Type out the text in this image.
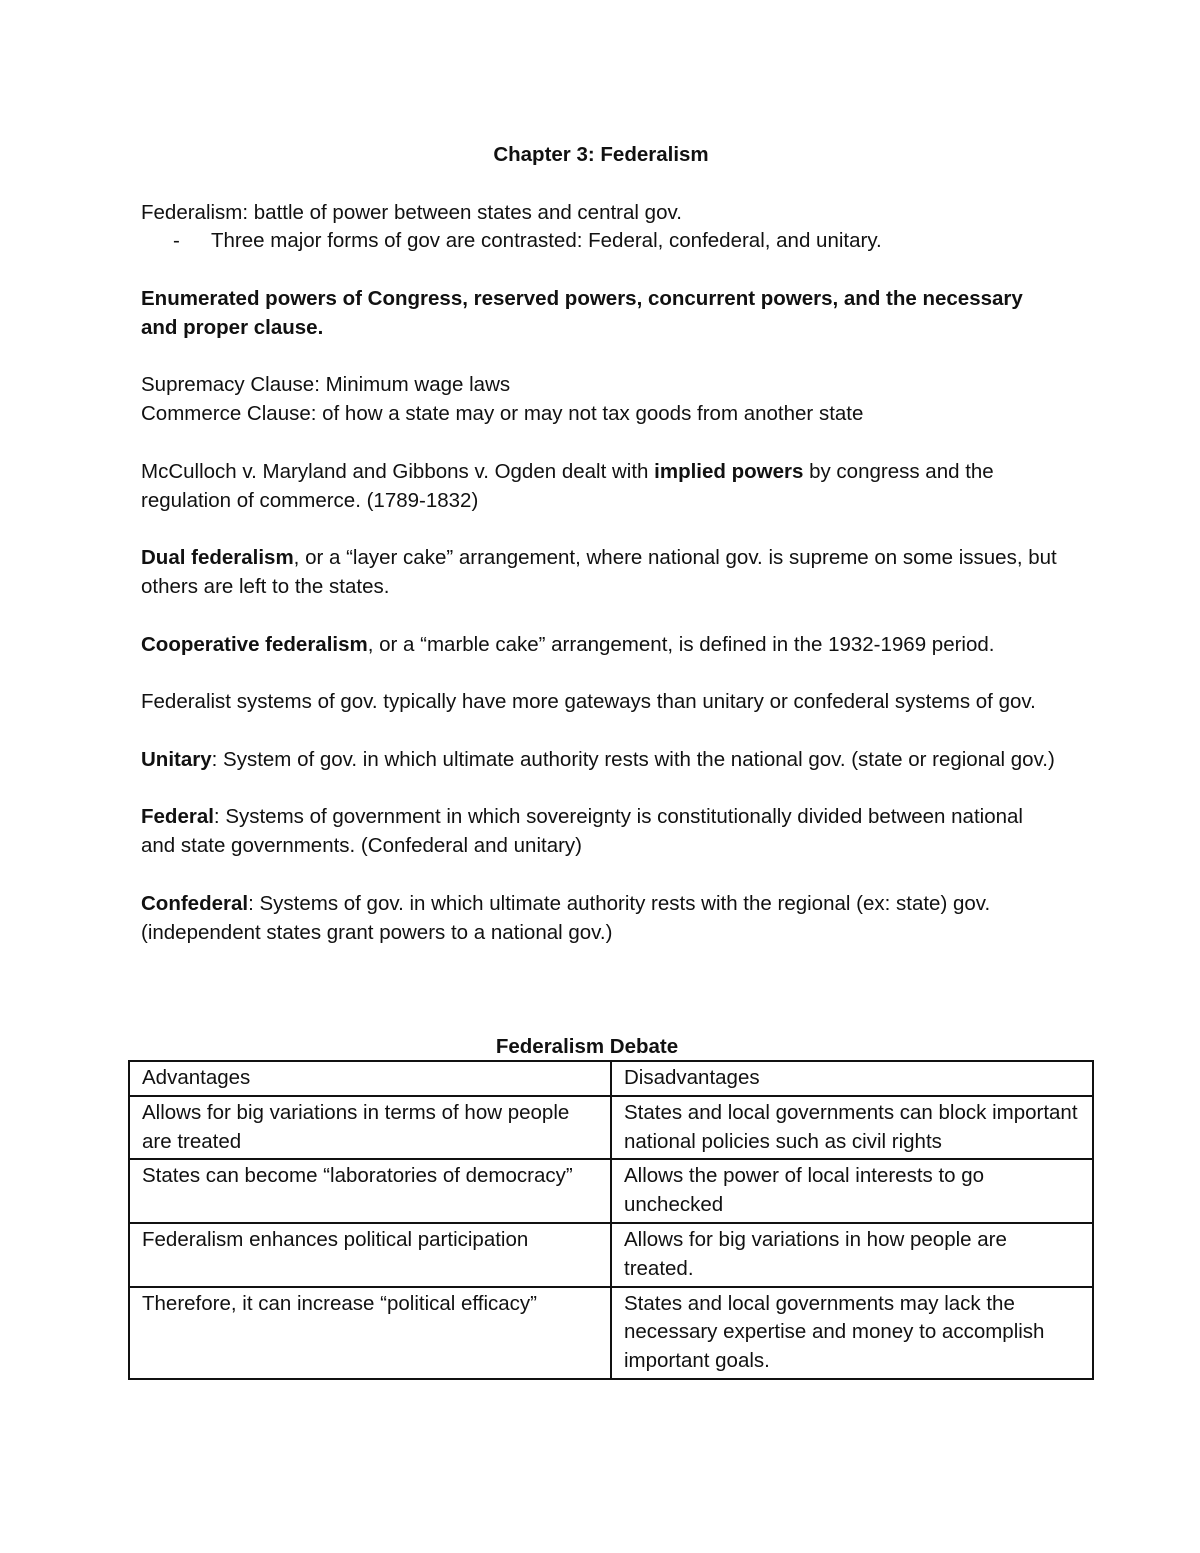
Chapter 3: Federalism

Federalism: battle of power between states and central gov.

- Three major forms of gov are contrasted: Federal, confederal, and unitary.

Enumerated powers of Congress, reserved powers, concurrent powers, and the necessary and proper clause.

Supremacy Clause: Minimum wage laws

Commerce Clause: of how a state may or may not tax goods from another state

McCulloch v. Maryland and Gibbons v. Ogden dealt with implied powers by congress and the regulation of commerce. (1789-1832)

Dual federalism, or a “layer cake” arrangement, where national gov. is supreme on some issues, but others are left to the states.

Cooperative federalism, or a “marble cake” arrangement, is defined in the 1932-1969 period.

Federalist systems of gov. typically have more gateways than unitary or confederal systems of gov.

Unitary: System of gov. in which ultimate authority rests with the national gov. (state or regional gov.)

Federal: Systems of government in which sovereignty is constitutionally divided between national and state governments. (Confederal and unitary)

Confederal: Systems of gov. in which ultimate authority rests with the regional (ex: state) gov. (independent states grant powers to a national gov.)

Federalism Debate
Advantages	Disadvantages
Allows for big variations in terms of how people are treated	States and local governments can block important national policies such as civil rights
States can become “laboratories of democracy”	Allows the power of local interests to go unchecked
Federalism enhances political participation	Allows for big variations in how people are treated.
Therefore, it can increase “political efficacy”	States and local governments may lack the necessary expertise and money to accomplish important goals.
